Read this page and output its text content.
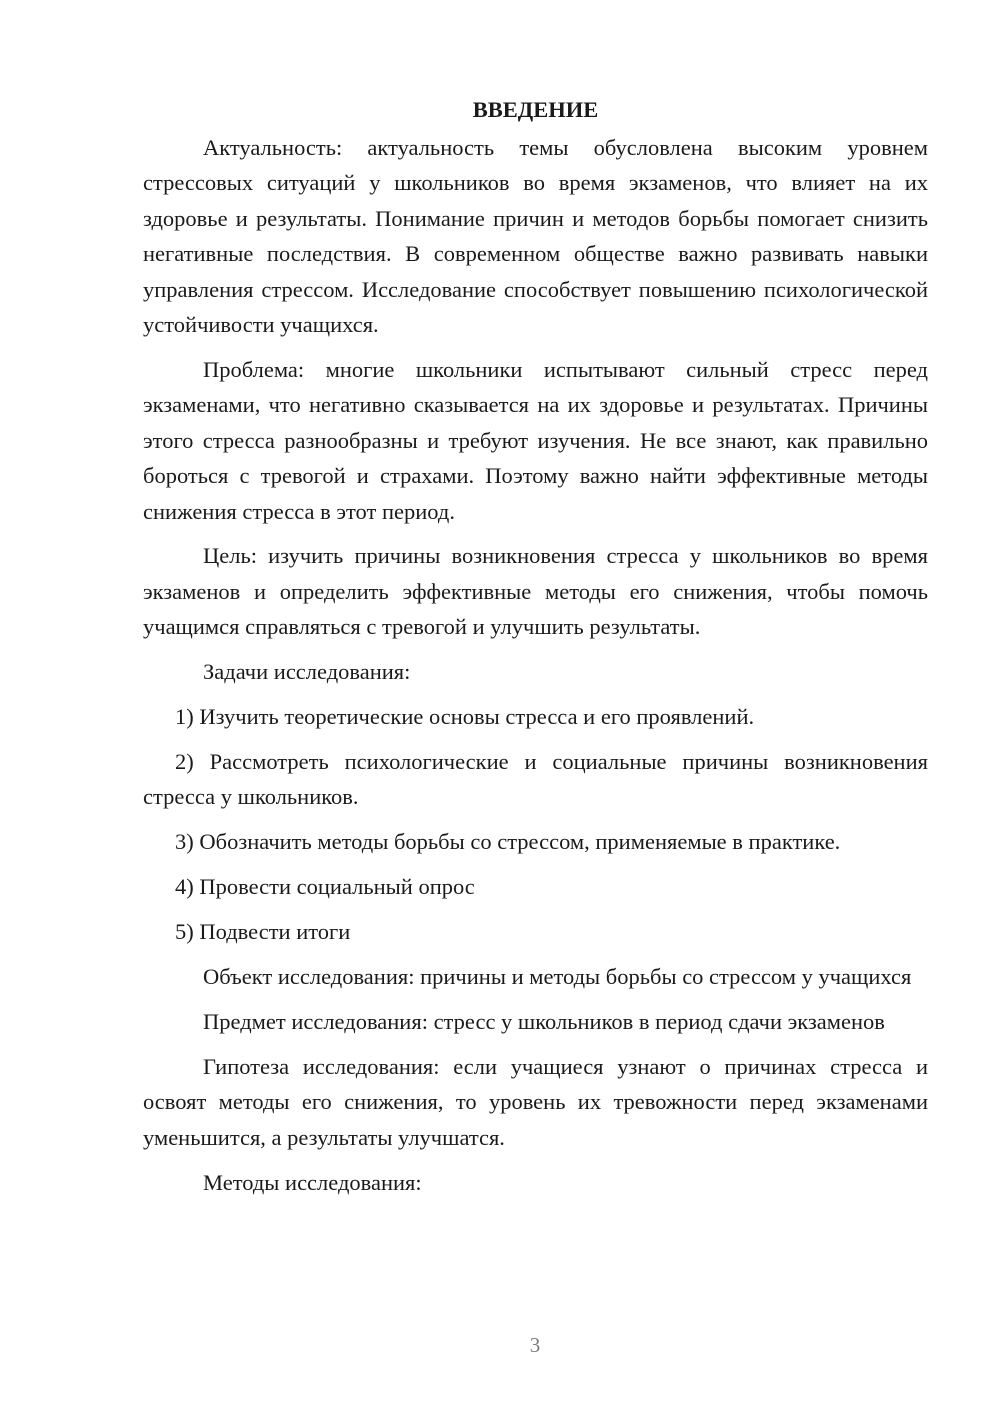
ВВЕДЕНИЕ

Актуальность: актуальность темы обусловлена высоким уровнем стрессовых ситуаций у школьников во время экзаменов, что влияет на их здоровье и результаты. Понимание причин и методов борьбы помогает снизить негативные последствия. В современном обществе важно развивать навыки управления стрессом. Исследование способствует повышению психологической устойчивости учащихся.

Проблема: многие школьники испытывают сильный стресс перед экзаменами, что негативно сказывается на их здоровье и результатах. Причины этого стресса разнообразны и требуют изучения. Не все знают, как правильно бороться с тревогой и страхами. Поэтому важно найти эффективные методы снижения стресса в этот период.

Цель: изучить причины возникновения стресса у школьников во время экзаменов и определить эффективные методы его снижения, чтобы помочь учащимся справляться с тревогой и улучшить результаты.

Задачи исследования:

1) Изучить теоретические основы стресса и его проявлений.

2) Рассмотреть психологические и социальные причины возникновения стресса у школьников.

3) Обозначить методы борьбы со стрессом, применяемые в практике.

4) Провести социальный опрос

5) Подвести итоги

Объект исследования: причины и методы борьбы со стрессом у учащихся

Предмет исследования: стресс у школьников в период сдачи экзаменов

Гипотеза исследования: если учащиеся узнают о причинах стресса и освоят методы его снижения, то уровень их тревожности перед экзаменами уменьшится, а результаты улучшатся.

Методы исследования:

3
